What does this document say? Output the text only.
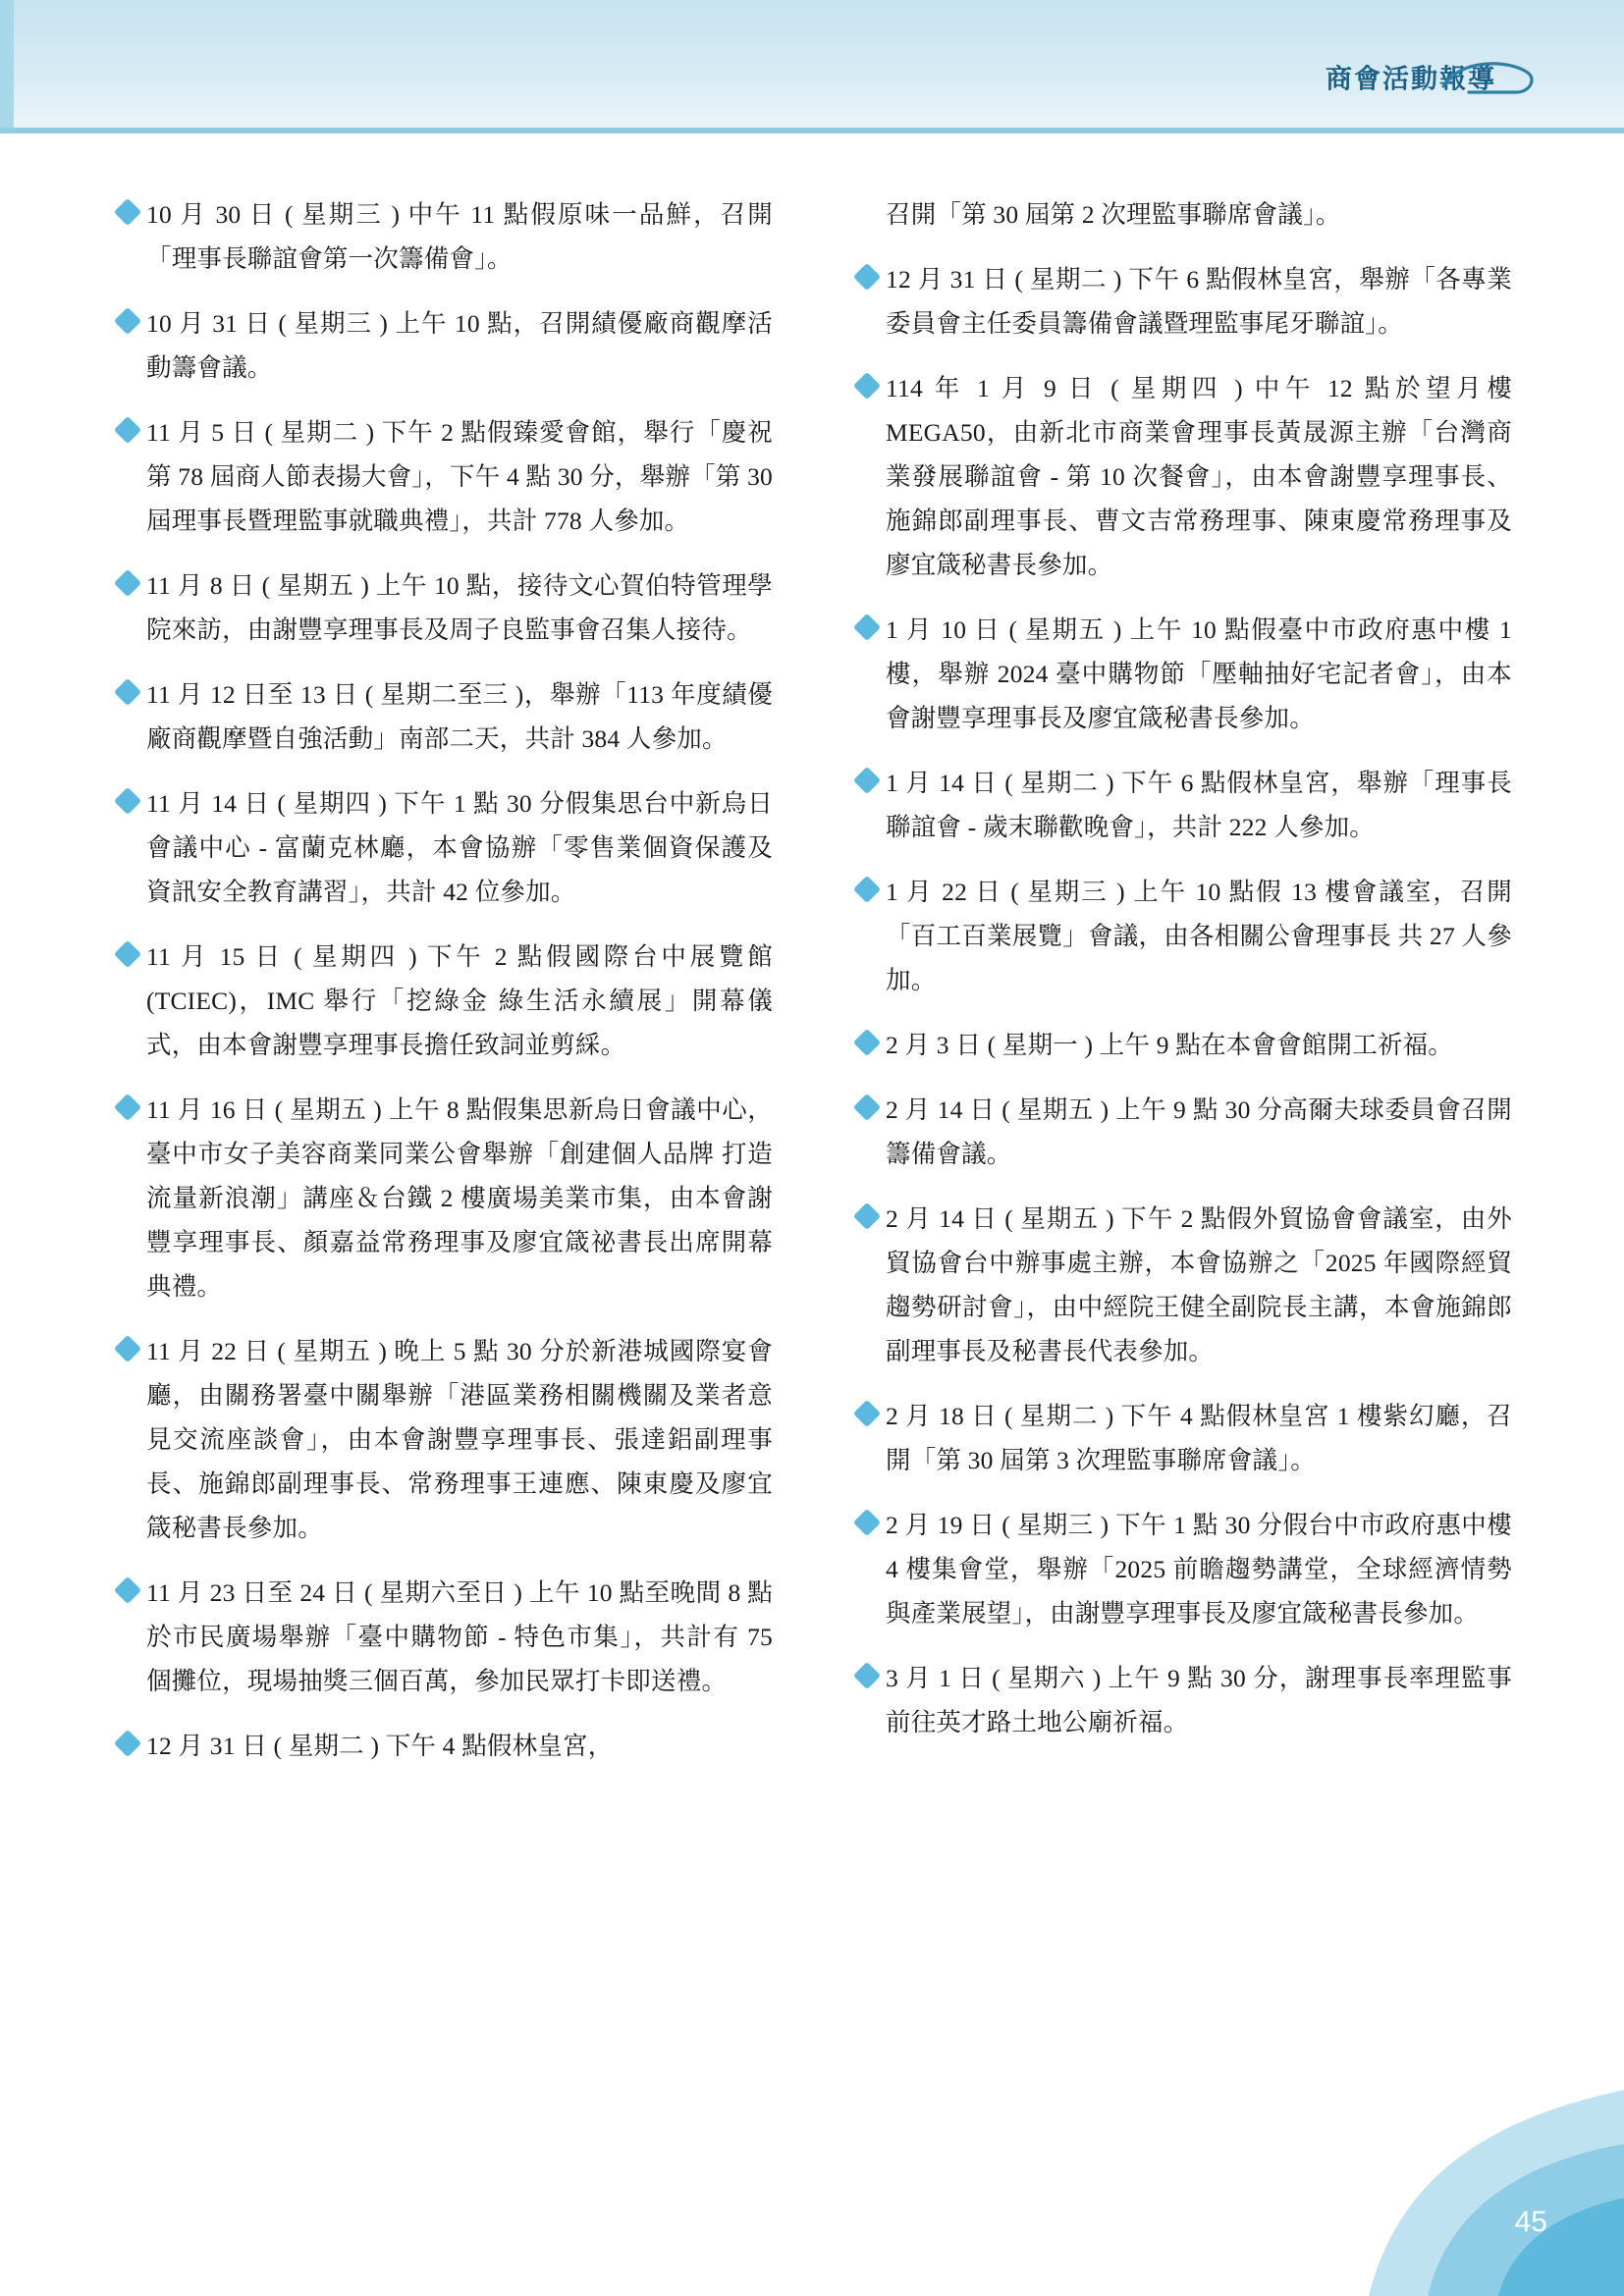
商會活動報導
10 月 30 日 ( 星期三 ) 中午 11 點假原味一品鮮，召開「理事長聯誼會第一次籌備會」。
10 月 31 日 ( 星期三 ) 上午 10 點，召開績優廠商觀摩活動籌會議。
11 月 5 日 ( 星期二 ) 下午 2 點假臻愛會館，舉行「慶祝第 78 屆商人節表揚大會」，下午 4 點 30 分，舉辦「第 30 屆理事長暨理監事就職典禮」，共計 778 人參加。
11 月 8 日 ( 星期五 ) 上午 10 點，接待文心賀伯特管理學院來訪，由謝豐享理事長及周子良監事會召集人接待。
11 月 12 日至 13 日 ( 星期二至三 )，舉辦「113 年度績優廠商觀摩暨自強活動」南部二天，共計 384 人參加。
11 月 14 日 ( 星期四 ) 下午 1 點 30 分假集思台中新烏日會議中心 - 富蘭克林廳，本會協辦「零售業個資保護及資訊安全教育講習」，共計 42 位參加。
11 月 15 日 ( 星期四 ) 下午 2 點假國際台中展覽館 (TCIEC)，IMC 舉行「挖綠金 綠生活永續展」開幕儀式，由本會謝豐享理事長擔任致詞並剪綵。
11 月 16 日 ( 星期五 ) 上午 8 點假集思新烏日會議中心，臺中市女子美容商業同業公會舉辦「創建個人品牌 打造流量新浪潮」講座＆台鐵 2 樓廣場美業市集，由本會謝豐享理事長、顏嘉益常務理事及廖宜箴祕書長出席開幕典禮。
11 月 22 日 ( 星期五 ) 晚上 5 點 30 分於新港城國際宴會廳，由關務署臺中關舉辦「港區業務相關機關及業者意見交流座談會」，由本會謝豐享理事長、張達鋁副理事長、施錦郎副理事長、常務理事王連應、陳東慶及廖宜箴秘書長參加。
11 月 23 日至 24 日 ( 星期六至日 ) 上午 10 點至晚間 8 點於市民廣場舉辦「臺中購物節 - 特色市集」，共計有 75 個攤位，現場抽獎三個百萬，參加民眾打卡即送禮。
12 月 31 日 ( 星期二 ) 下午 4 點假林皇宮，
召開「第 30 屆第 2 次理監事聯席會議」。
12 月 31 日 ( 星期二 ) 下午 6 點假林皇宮，舉辦「各專業委員會主任委員籌備會議暨理監事尾牙聯誼」。
114 年 1 月 9 日 ( 星期四 ) 中午 12 點於望月樓 MEGA50，由新北市商業會理事長黃晟源主辦「台灣商業發展聯誼會 - 第 10 次餐會」，由本會謝豐享理事長、施錦郎副理事長、曹文吉常務理事、陳東慶常務理事及廖宜箴秘書長參加。
1 月 10 日 ( 星期五 ) 上午 10 點假臺中市政府惠中樓 1 樓，舉辦 2024 臺中購物節「壓軸抽好宅記者會」，由本會謝豐享理事長及廖宜箴秘書長參加。
1 月 14 日 ( 星期二 ) 下午 6 點假林皇宮，舉辦「理事長聯誼會 - 歲末聯歡晚會」，共計 222 人參加。
1 月 22 日 ( 星期三 ) 上午 10 點假 13 樓會議室，召開「百工百業展覽」會議，由各相關公會理事長 共 27 人參加。
2 月 3 日 ( 星期一 ) 上午 9 點在本會會館開工祈福。
2 月 14 日 ( 星期五 ) 上午 9 點 30 分高爾夫球委員會召開籌備會議。
2 月 14 日 ( 星期五 ) 下午 2 點假外貿協會會議室，由外貿協會台中辦事處主辦，本會協辦之「2025 年國際經貿趨勢研討會」，由中經院王健全副院長主講，本會施錦郎副理事長及秘書長代表參加。
2 月 18 日 ( 星期二 ) 下午 4 點假林皇宮 1 樓紫幻廳，召開「第 30 屆第 3 次理監事聯席會議」。
2 月 19 日 ( 星期三 ) 下午 1 點 30 分假台中市政府惠中樓 4 樓集會堂，舉辦「2025 前瞻趨勢講堂，全球經濟情勢與產業展望」，由謝豐享理事長及廖宜箴秘書長參加。
3 月 1 日 ( 星期六 ) 上午 9 點 30 分，謝理事長率理監事前往英才路土地公廟祈福。
45
